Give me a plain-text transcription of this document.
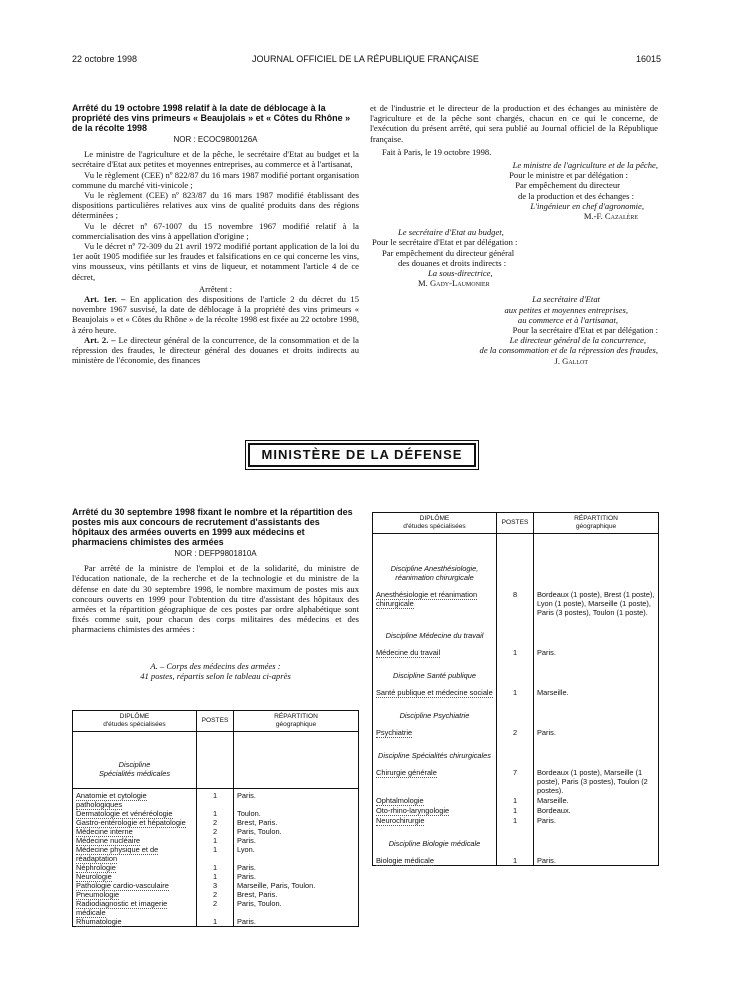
22 octobre 1998	JOURNAL OFFICIEL DE LA RÉPUBLIQUE FRANÇAISE	16015
Arrêté du 19 octobre 1998 relatif à la date de déblocage à la propriété des vins primeurs « Beaujolais » et « Côtes du Rhône » de la récolte 1998
NOR : ECOC9800126A

Le ministre de l'agriculture et de la pêche, le secrétaire d'Etat au budget et la secrétaire d'Etat aux petites et moyennes entreprises, au commerce et à l'artisanat,

Vu le règlement (CEE) nº 822/87 du 16 mars 1987 modifié portant organisation commune du marché viti-vinicole ;

Vu le règlement (CEE) nº 823/87 du 16 mars 1987 modifié établissant des dispositions particulières relatives aux vins de qualité produits dans des régions déterminées ;

Vu le décret nº 67-1007 du 15 novembre 1967 modifié relatif à la commercialisation des vins à appellation d'origine ;

Vu le décret nº 72-309 du 21 avril 1972 modifié portant application de la loi du 1er août 1905 modifiée sur les fraudes et falsifications en ce qui concerne les vins, vins mousseux, vins pétillants et vins de liqueur, et notamment l'article 4 de ce décret,

Arrêtent :

Art. 1er. – En application des dispositions de l'article 2 du décret du 15 novembre 1967 susvisé, la date de déblocage à la propriété des vins primeurs « Beaujolais » et « Côtes du Rhône » de la récolte 1998 est fixée au 22 octobre 1998, à zéro heure.

Art. 2. – Le directeur général de la concurrence, de la consommation et de la répression des fraudes, le directeur général des douanes et droits indirects au ministère de l'économie, des finances

et de l'industrie et le directeur de la production et des échanges au ministère de l'agriculture et de la pêche sont chargés, chacun en ce qui le concerne, de l'exécution du présent arrêté, qui sera publié au Journal officiel de la République française.

Fait à Paris, le 19 octobre 1998.

Le ministre de l'agriculture et de la pêche,
Pour le ministre et par délégation :
Par empêchement du directeur
de la production et des échanges :
L'ingénieur en chef d'agronomie,
M.-F. Cazalère
Le secrétaire d'Etat au budget,
Pour le secrétaire d'Etat et par délégation :
Par empêchement du directeur général
des douanes et droits indirects :
La sous-directrice,
M. Gady-Laumonier
La secrétaire d'Etat
aux petites et moyennes entreprises,
au commerce et à l'artisanat,
Pour la secrétaire d'Etat et par délégation :
Le directeur général de la concurrence,
de la consommation et de la répression des fraudes,
J. Gallot
MINISTÈRE DE LA DÉFENSE
Arrêté du 30 septembre 1998 fixant le nombre et la répartition des postes mis aux concours de recrutement d'assistants des hôpitaux des armées ouverts en 1999 aux médecins et pharmaciens chimistes des armées
NOR : DEFP9801810A

Par arrêté de la ministre de l'emploi et de la solidarité, du ministre de l'éducation nationale, de la recherche et de la technologie et du ministre de la défense en date du 30 septembre 1998, le nombre maximum de postes mis aux concours ouverts en 1999 pour l'obtention du titre d'assistant des hôpitaux des armées et la répartition géographique de ces postes par ordre alphabétique sont fixés comme suit, pour chacun des corps militaires des médecins et des pharmaciens chimistes des armées :

A. – Corps des médecins des armées :
41 postes, répartis selon le tableau ci-après
DIPLÔME
d'études spécialisées	POSTES	RÉPARTITION
géographique
Discipline
Spécialités médicales		
Anatomie et cytologie pathologiques	1	Paris.
Dermatologie et vénéréologie	1	Toulon.
Gastro-entérologie et hépatologie	2	Brest, Paris.
Médecine interne	2	Paris, Toulon.
Médecine nucléaire	1	Paris.
Médecine physique et de réadaptation	1	Lyon.
Néphrologie	1	Paris.
Neurologie	1	Paris.
Pathologie cardio-vasculaire	3	Marseille, Paris, Toulon.
Pneumologie	2	Brest, Paris.
Radiodiagnostic et imagerie médicale	2	Paris, Toulon.
Rhumatologie	1	Paris.
DIPLÔME
d'études spécialisées	POSTES	RÉPARTITION
géographique
Discipline Anesthésiologie, réanimation chirurgicale		
Anesthésiologie et réanimation chirurgicale	8	Bordeaux (1 poste), Brest (1 poste), Lyon (1 poste), Marseille (1 poste), Paris (3 postes), Toulon (1 poste).
Discipline Médecine du travail		
Médecine du travail	1	Paris.
Discipline Santé publique		
Santé publique et médecine sociale	1	Marseille.
Discipline Psychiatrie		
Psychiatrie	2	Paris.
Discipline Spécialités chirurgicales		
Chirurgie générale	7	Bordeaux (1 poste), Marseille (1 poste), Paris (3 postes), Toulon (2 postes).
Ophtalmologie	1	Marseille.
Oto-rhino-laryngologie	1	Bordeaux.
Neurochirurgie	1	Paris.
Discipline Biologie médicale		
Biologie médicale	1	Paris.
